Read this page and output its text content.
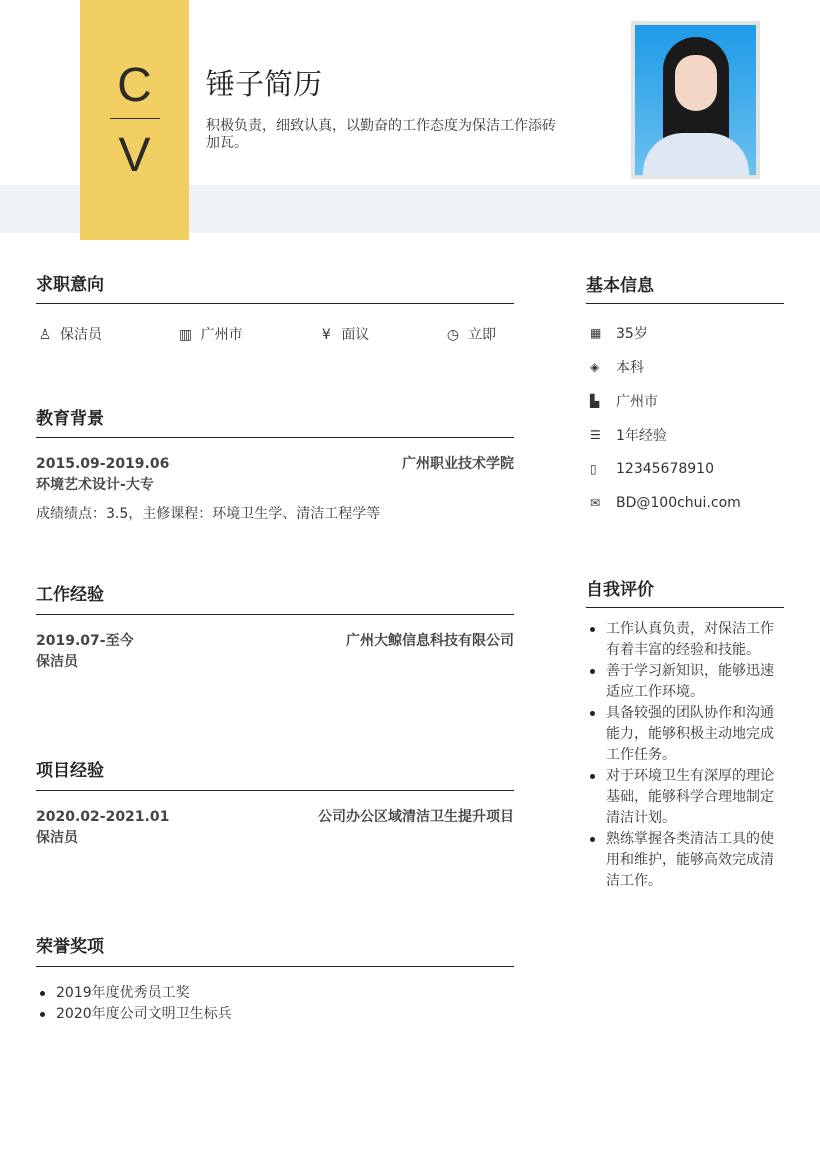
C
V
锤子简历
积极负责，细致认真，以勤奋的工作态度为保洁工作添砖加瓦。
求职意向
♙ 保洁员	▥ 广州市	¥ 面议	◷ 立即
教育背景
2015.09-2019.06	广州职业技术学院
环境艺术设计-大专
成绩绩点：3.5，主修课程：环境卫生学、清洁工程学等
工作经验
2019.07-至今	广州大鲸信息科技有限公司
保洁员
项目经验
2020.02-2021.01	公司办公区域清洁卫生提升项目
保洁员
荣誉奖项
2019年度优秀员工奖
2020年度公司文明卫生标兵
基本信息
▦	35岁
◈	本科
▙	广州市
☰	1年经验
▯	12345678910
✉	BD@100chui.com
自我评价
工作认真负责，对保洁工作有着丰富的经验和技能。
善于学习新知识，能够迅速适应工作环境。
具备较强的团队协作和沟通能力，能够积极主动地完成工作任务。
对于环境卫生有深厚的理论基础，能够科学合理地制定清洁计划。
熟练掌握各类清洁工具的使用和维护，能够高效完成清洁工作。
